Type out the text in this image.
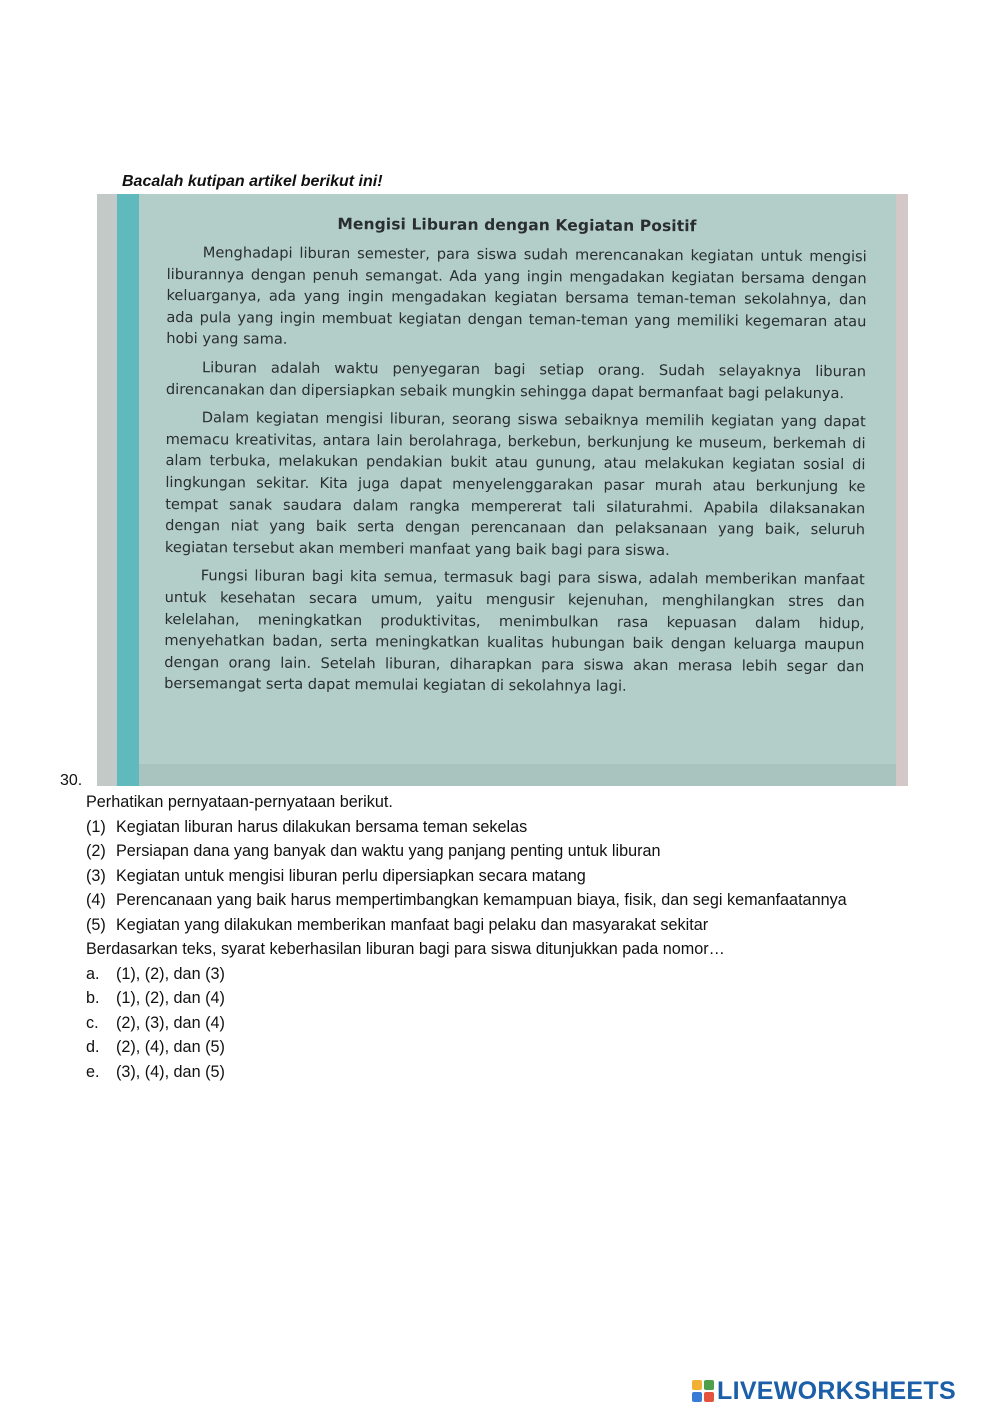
Bacalah kutipan artikel berikut ini!
Mengisi Liburan dengan Kegiatan Positif

Menghadapi liburan semester, para siswa sudah merencanakan kegiatan untuk mengisi liburannya dengan penuh semangat. Ada yang ingin mengadakan kegiatan bersama dengan keluarganya, ada yang ingin mengadakan kegiatan bersama teman-teman sekolahnya, dan ada pula yang ingin membuat kegiatan dengan teman-teman yang memiliki kegemaran atau hobi yang sama.

Liburan adalah waktu penyegaran bagi setiap orang. Sudah selayaknya liburan direncanakan dan dipersiapkan sebaik mungkin sehingga dapat bermanfaat bagi pelakunya.

Dalam kegiatan mengisi liburan, seorang siswa sebaiknya memilih kegiatan yang dapat memacu kreativitas, antara lain berolahraga, berkebun, berkunjung ke museum, berkemah di alam terbuka, melakukan pendakian bukit atau gunung, atau melakukan kegiatan sosial di lingkungan sekitar. Kita juga dapat menyelenggarakan pasar murah atau berkunjung ke tempat sanak saudara dalam rangka mempererat tali silaturahmi. Apabila dilaksanakan dengan niat yang baik serta dengan perencanaan dan pelaksanaan yang baik, seluruh kegiatan tersebut akan memberi manfaat yang baik bagi para siswa.

Fungsi liburan bagi kita semua, termasuk bagi para siswa, adalah memberikan manfaat untuk kesehatan secara umum, yaitu mengusir kejenuhan, menghilangkan stres dan kelelahan, meningkatkan produktivitas, menimbulkan rasa kepuasan dalam hidup, menyehatkan badan, serta meningkatkan kualitas hubungan baik dengan keluarga maupun dengan orang lain. Setelah liburan, diharapkan para siswa akan merasa lebih segar dan bersemangat serta dapat memulai kegiatan di sekolahnya lagi.

30.

Perhatikan pernyataan-pernyataan berikut.

(1) Kegiatan liburan harus dilakukan bersama teman sekelas
(2) Persiapan dana yang banyak dan waktu yang panjang penting untuk liburan
(3) Kegiatan untuk mengisi liburan perlu dipersiapkan secara matang
(4) Perencanaan yang baik harus mempertimbangkan kemampuan biaya, fisik, dan segi kemanfaatannya
(5) Kegiatan yang dilakukan memberikan manfaat bagi pelaku dan masyarakat sekitar

Berdasarkan teks, syarat keberhasilan liburan bagi para siswa ditunjukkan pada nomor…

a.	(1), (2), dan (3)
b.	(1), (2), dan (4)
c.	(2), (3), dan (4)
d.	(2), (4), dan (5)
e.	(3), (4), dan (5)
LIVEWORKSHEETS
